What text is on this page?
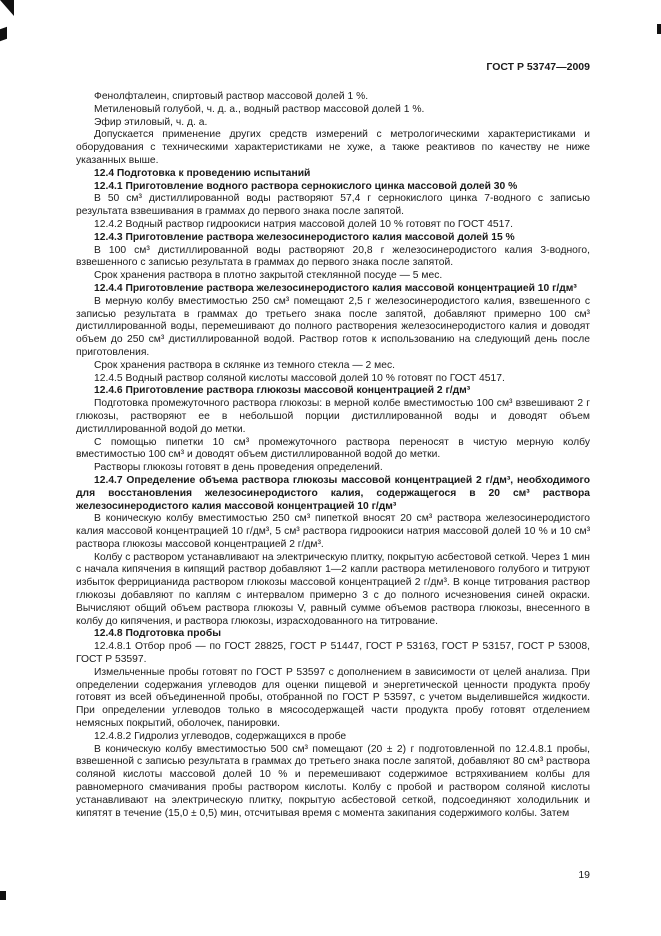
ГОСТ Р 53747—2009

Фенолфталеин, спиртовый раствор массовой долей 1 %.

Метиленовый голубой, ч. д. а., водный раствор массовой долей 1 %.

Эфир этиловый, ч. д. а.

Допускается применение других средств измерений с метрологическими характеристиками и оборудования с техническими характеристиками не хуже, а также реактивов по качеству не ниже указанных выше.

12.4 Подготовка к проведению испытаний

12.4.1 Приготовление водного раствора сернокислого цинка массовой долей 30 %

В 50 см³ дистиллированной воды растворяют 57,4 г сернокислого цинка 7-водного с записью результата взвешивания в граммах до первого знака после запятой.

12.4.2 Водный раствор гидроокиси натрия массовой долей 10 % готовят по ГОСТ 4517.

12.4.3 Приготовление раствора железосинеродистого калия массовой долей 15 %

В 100 см³ дистиллированной воды растворяют 20,8 г железосинеродистого калия 3-водного, взвешенного с записью результата в граммах до первого знака после запятой.

Срок хранения раствора в плотно закрытой стеклянной посуде — 5 мес.

12.4.4 Приготовление раствора железосинеродистого калия массовой концентрацией 10 г/дм³

В мерную колбу вместимостью 250 см³ помещают 2,5 г железосинеродистого калия, взвешенного с записью результата в граммах до третьего знака после запятой, добавляют примерно 100 см³ дистиллированной воды, перемешивают до полного растворения железосинеродистого калия и доводят объем до 250 см³ дистиллированной водой. Раствор готов к использованию на следующий день после приготовления.

Срок хранения раствора в склянке из темного стекла — 2 мес.

12.4.5 Водный раствор соляной кислоты массовой долей 10 % готовят по ГОСТ 4517.

12.4.6 Приготовление раствора глюкозы массовой концентрацией 2 г/дм³

Подготовка промежуточного раствора глюкозы: в мерной колбе вместимостью 100 см³ взвешивают 2 г глюкозы, растворяют ее в небольшой порции дистиллированной воды и доводят объем дистиллированной водой до метки.

С помощью пипетки 10 см³ промежуточного раствора переносят в чистую мерную колбу вместимостью 100 см³ и доводят объем дистиллированной водой до метки.

Растворы глюкозы готовят в день проведения определений.

12.4.7 Определение объема раствора глюкозы массовой концентрацией 2 г/дм³, необходимого для восстановления железосинеродистого калия, содержащегося в 20 см³ раствора железосинеродистого калия массовой концентрацией 10 г/дм³

В коническую колбу вместимостью 250 см³ пипеткой вносят 20 см³ раствора железосинеродистого калия массовой концентрацией 10 г/дм³, 5 см³ раствора гидроокиси натрия массовой долей 10 % и 10 см³ раствора глюкозы массовой концентрацией 2 г/дм³.

Колбу с раствором устанавливают на электрическую плитку, покрытую асбестовой сеткой. Через 1 мин с начала кипячения в кипящий раствор добавляют 1—2 капли раствора метиленового голубого и титруют избыток феррицианида раствором глюкозы массовой концентрацией 2 г/дм³. В конце титрования раствор глюкозы добавляют по каплям с интервалом примерно 3 с до полного исчезновения синей окраски. Вычисляют общий объем раствора глюкозы V, равный сумме объемов раствора глюкозы, внесенного в колбу до кипячения, и раствора глюкозы, израсходованного на титрование.

12.4.8 Подготовка пробы

12.4.8.1 Отбор проб — по ГОСТ 28825, ГОСТ Р 51447, ГОСТ Р 53163, ГОСТ Р 53157, ГОСТ Р 53008, ГОСТ Р 53597.

Измельченные пробы готовят по ГОСТ Р 53597 с дополнением в зависимости от целей анализа. При определении содержания углеводов для оценки пищевой и энергетической ценности продукта пробу готовят из всей объединенной пробы, отобранной по ГОСТ Р 53597, с учетом выделившейся жидкости. При определении углеводов только в мясосодержащей части продукта пробу готовят отделением немясных покрытий, оболочек, панировки.

12.4.8.2 Гидролиз углеводов, содержащихся в пробе

В коническую колбу вместимостью 500 см³ помещают (20 ± 2) г подготовленной по 12.4.8.1 пробы, взвешенной с записью результата в граммах до третьего знака после запятой, добавляют 80 см³ раствора соляной кислоты массовой долей 10 % и перемешивают содержимое встряхиванием колбы для равномерного смачивания пробы раствором кислоты. Колбу с пробой и раствором соляной кислоты устанавливают на электрическую плитку, покрытую асбестовой сеткой, подсоединяют холодильник и кипятят в течение (15,0 ± 0,5) мин, отсчитывая время с момента закипания содержимого колбы. Затем

19
